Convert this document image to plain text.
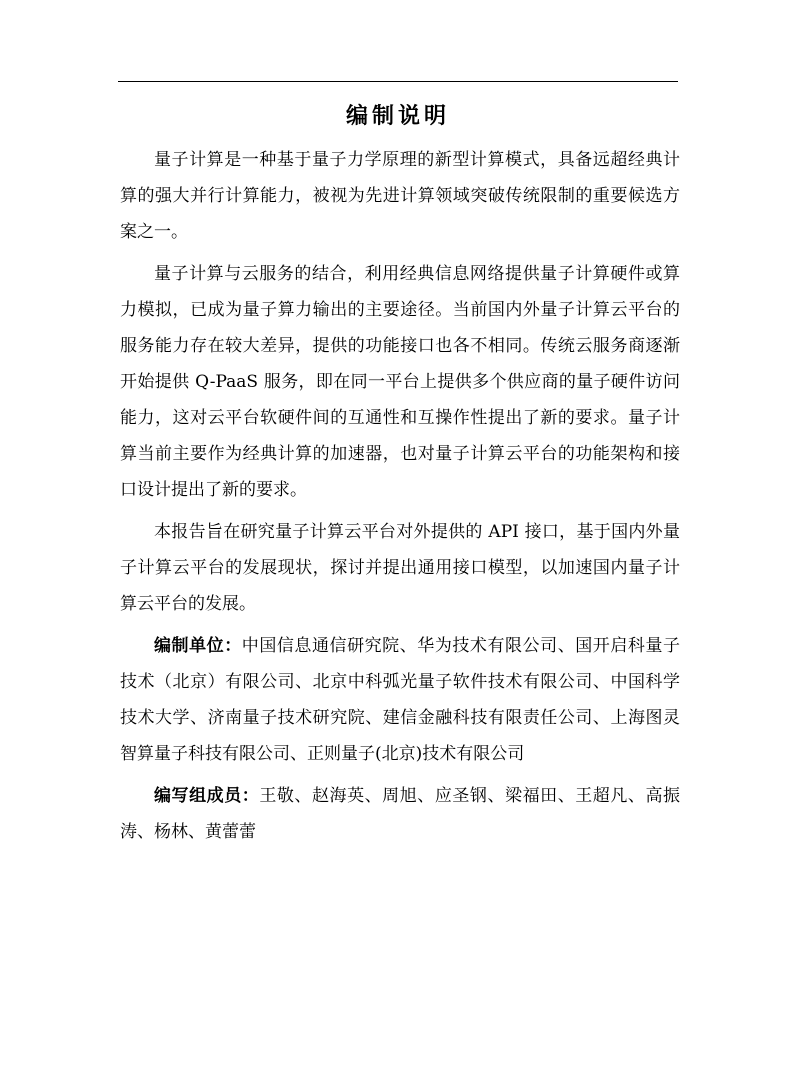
编制说明

量子计算是一种基于量子力学原理的新型计算模式，具备远超经典计算的强大并行计算能力，被视为先进计算领域突破传统限制的重要候选方案之一。

量子计算与云服务的结合，利用经典信息网络提供量子计算硬件或算力模拟，已成为量子算力输出的主要途径。当前国内外量子计算云平台的服务能力存在较大差异，提供的功能接口也各不相同。传统云服务商逐渐开始提供 Q-PaaS 服务，即在同一平台上提供多个供应商的量子硬件访问能力，这对云平台软硬件间的互通性和互操作性提出了新的要求。量子计算当前主要作为经典计算的加速器，也对量子计算云平台的功能架构和接口设计提出了新的要求。

本报告旨在研究量子计算云平台对外提供的 API 接口，基于国内外量子计算云平台的发展现状，探讨并提出通用接口模型，以加速国内量子计算云平台的发展。

编制单位：中国信息通信研究院、华为技术有限公司、国开启科量子技术（北京）有限公司、北京中科弧光量子软件技术有限公司、中国科学技术大学、济南量子技术研究院、建信金融科技有限责任公司、上海图灵智算量子科技有限公司、正则量子(北京)技术有限公司

编写组成员：王敬、赵海英、周旭、应圣钢、梁福田、王超凡、高振涛、杨林、黄蕾蕾
